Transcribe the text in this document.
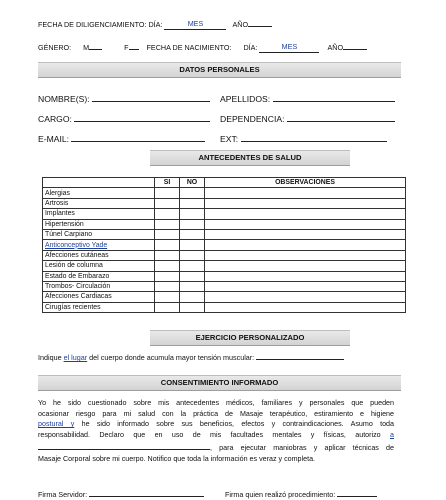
FECHA DE DILIGENCIAMIENTO: DÍA:	MES	AÑO
GÉNERO: M	F	FECHA DE NACIMIENTO: DÍA:	MES	AÑO
DATOS PERSONALES
NOMBRE(S):	APELLIDOS:
CARGO:	DEPENDENCIA:
E-MAIL:	EXT:
ANTECEDENTES DE SALUD
	SI	NO	OBSERVACIONES
Alergias			
Artrosis			
Implantes			
Hipertensión			
Túnel Carpiano			
Anticonceptivo Yade			
Afecciones cutáneas			
Lesión de columna			
Estado de Embarazo			
Trombos- Circulación			
Afecciones Cardiacas			
Cirugías recientes			
EJERCICIO PERSONALIZADO
Indique el lugar del cuerpo donde acumula mayor tensión muscular:
CONSENTIMIENTO INFORMADO
Yo he sido cuestionado sobre mis antecedentes médicos, familiares y personales que pueden
ocasionar riesgo para mi salud con la práctica de Masaje terapéutico, estiramiento e higiene
postural y he sido informado sobre sus beneficios, efectos y contraindicaciones. Asumo toda
responsabilidad. Declaro que en uso de mis facultades mentales y físicas, autorizo a
, para ejecutar maniobras y aplicar técnicas de
Masaje Corporal sobre mi cuerpo. Notifico que toda la información es veraz y completa.
Firma Servidor:	Firma quien realizó procedimiento:
